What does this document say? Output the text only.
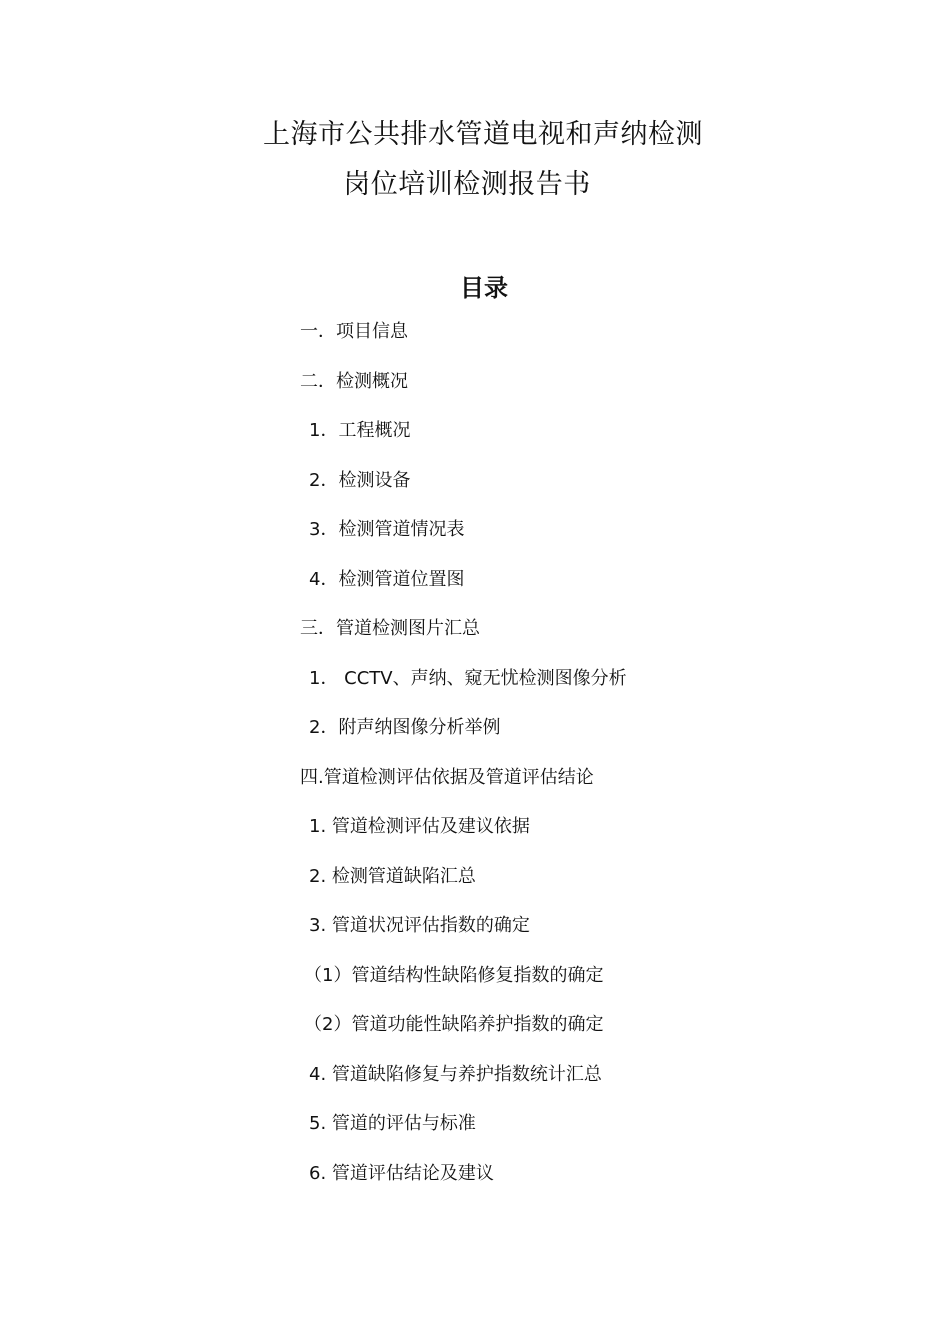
上海市公共排水管道电视和声纳检测
岗位培训检测报告书
目录
一．项目信息
二．检测概况
1．工程概况
2．检测设备
3．检测管道情况表
4．检测管道位置图
三．管道检测图片汇总
1． CCTV、声纳、窥无忧检测图像分析
2．附声纳图像分析举例
四.管道检测评估依据及管道评估结论
1. 管道检测评估及建议依据
2. 检测管道缺陷汇总
3. 管道状况评估指数的确定
（1）管道结构性缺陷修复指数的确定
（2）管道功能性缺陷养护指数的确定
4. 管道缺陷修复与养护指数统计汇总
5. 管道的评估与标准
6. 管道评估结论及建议
